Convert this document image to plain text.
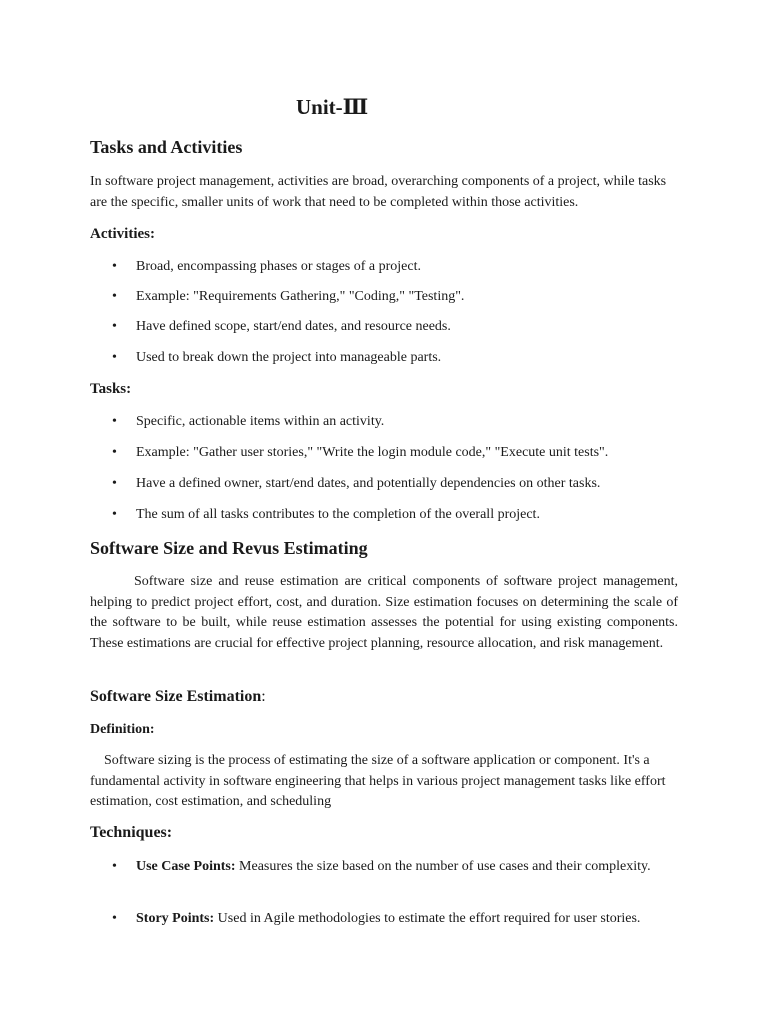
Unit-Ⅲ
Tasks and Activities

In software project management, activities are broad, overarching components of a project, while tasks are the specific, smaller units of work that need to be completed within those activities.

Activities:
•	Broad, encompassing phases or stages of a project.
•	Example: "Requirements Gathering," "Coding," "Testing".
•	Have defined scope, start/end dates, and resource needs.
•	Used to break down the project into manageable parts.
Tasks:
•	Specific, actionable items within an activity.
•	Example: "Gather user stories," "Write the login module code," "Execute unit tests".
•	Have a defined owner, start/end dates, and potentially dependencies on other tasks.
•	The sum of all tasks contributes to the completion of the overall project.
Software Size and Revus Estimating

Software size and reuse estimation are critical components of software project management, helping to predict project effort, cost, and duration. Size estimation focuses on determining the scale of the software to be built, while reuse estimation assesses the potential for using existing components. These estimations are crucial for effective project planning, resource allocation, and risk management.

Software Size Estimation:
Definition:

Software sizing is the process of estimating the size of a software application or component. It's a fundamental activity in software engineering that helps in various project management tasks like effort estimation, cost estimation, and scheduling

Techniques:
•	Use Case Points: Measures the size based on the number of use cases and their complexity.
•	Story Points: Used in Agile methodologies to estimate the effort required for user stories.
